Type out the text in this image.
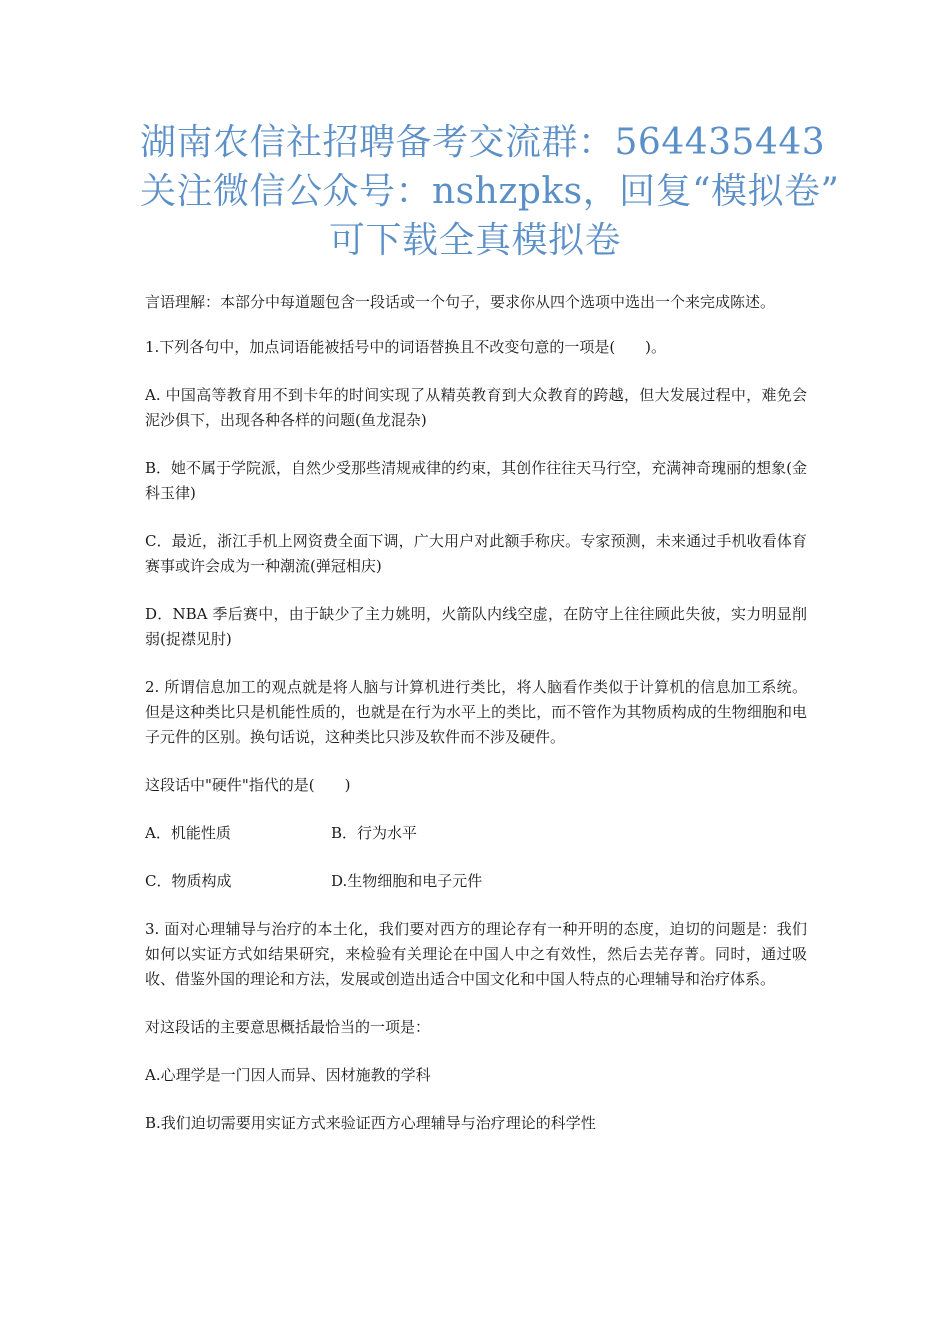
湖南农信社招聘备考交流群： 564435443
关注微信公众号：nshzpks，回复“模拟卷”
可下载全真模拟卷

言语理解：本部分中每道题包含一段话或一个句子，要求你从四个选项中选出一个来完成陈述。

1.下列各句中，加点词语能被括号中的词语替换且不改变句意的一项是(　　)。

A. 中国高等教育用不到卡年的时间实现了从精英教育到大众教育的跨越，但大发展过程中，难免会泥沙俱下，出现各种各样的问题(鱼龙混杂)

B．她不属于学院派，自然少受那些清规戒律的约束，其创作往往天马行空，充满神奇瑰丽的想象(金科玉律)

C．最近，浙江手机上网资费全面下调，广大用户对此额手称庆。专家预测，未来通过手机收看体育赛事或许会成为一种潮流(弹冠相庆)

D．NBA 季后赛中，由于缺少了主力姚明，火箭队内线空虚，在防守上往往顾此失彼，实力明显削弱(捉襟见肘)

2. 所谓信息加工的观点就是将人脑与计算机进行类比，将人脑看作类似于计算机的信息加工系统。但是这种类比只是机能性质的，也就是在行为水平上的类比，而不管作为其物质构成的生物细胞和电子元件的区别。换句话说，这种类比只涉及软件而不涉及硬件。

这段话中"硬件"指代的是(　　)

A．机能性质	B．行为水平
C．物质构成	D.生物细胞和电子元件

3. 面对心理辅导与治疗的本土化，我们要对西方的理论存有一种开明的态度，迫切的问题是：我们如何以实证方式如结果研究，来检验有关理论在中国人中之有效性，然后去芜存菁。同时，通过吸收、借鉴外国的理论和方法，发展或创造出适合中国文化和中国人特点的心理辅导和治疗体系。

对这段话的主要意思概括最恰当的一项是：

A.心理学是一门因人而异、因材施教的学科

B.我们迫切需要用实证方式来验证西方心理辅导与治疗理论的科学性
